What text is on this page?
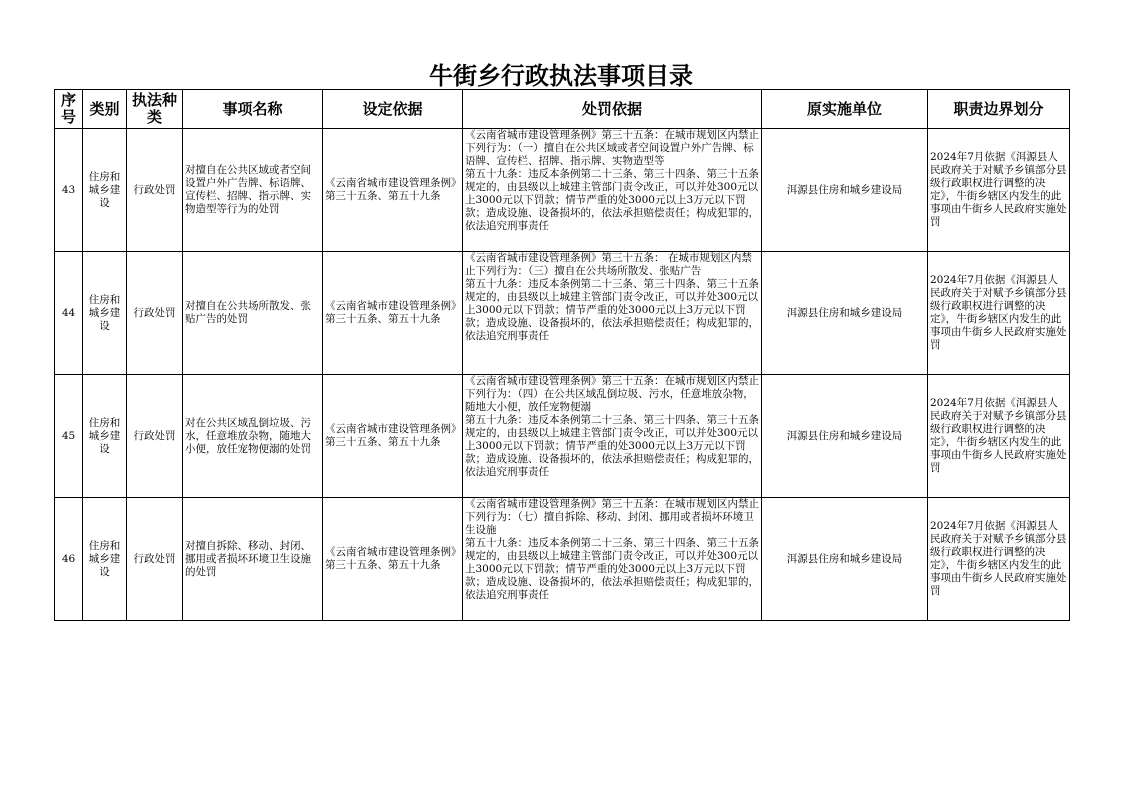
牛街乡行政执法事项目录
序号	类别	执法种类	事项名称	设定依据	处罚依据	原实施单位	职责边界划分
43	住房和城乡建设	行政处罚	对擅自在公共区域或者空间设置户外广告牌、标语牌、宣传栏、招牌、指示牌、实物造型等行为的处罚	《云南省城市建设管理条例》第三十五条、第五十九条	《云南省城市建设管理条例》第三十五条：在城市规划区内禁止下列行为：（一）擅自在公共区域或者空间设置户外广告牌、标语牌、宣传栏、招牌、指示牌、实物造型等
第五十九条：违反本条例第二十三条、第三十四条、第三十五条规定的，由县级以上城建主管部门责令改正，可以并处300元以上3000元以下罚款；情节严重的处3000元以上3万元以下罚款；造成设施、设备损坏的，依法承担赔偿责任；构成犯罪的，依法追究刑事责任	洱源县住房和城乡建设局	2024年7月依据《洱源县人民政府关于对赋予乡镇部分县级行政职权进行调整的决定》，牛街乡辖区内发生的此事项由牛街乡人民政府实施处罚
44	住房和城乡建设	行政处罚	对擅自在公共场所散发、张贴广告的处罚	《云南省城市建设管理条例》第三十五条、第五十九条	《云南省城市建设管理条例》第三十五条： 在城市规划区内禁止下列行为：（三）擅自在公共场所散发、张贴广告
第五十九条：违反本条例第二十三条、第三十四条、第三十五条规定的，由县级以上城建主管部门责令改正，可以并处300元以上3000元以下罚款；情节严重的处3000元以上3万元以下罚款；造成设施、设备损坏的，依法承担赔偿责任；构成犯罪的，依法追究刑事责任	洱源县住房和城乡建设局	2024年7月依据《洱源县人民政府关于对赋予乡镇部分县级行政职权进行调整的决定》，牛街乡辖区内发生的此事项由牛街乡人民政府实施处罚
45	住房和城乡建设	行政处罚	对在公共区域乱倒垃圾、污水，任意堆放杂物，随地大小便，放任宠物便溺的处罚	《云南省城市建设管理条例》第三十五条、第五十九条	《云南省城市建设管理条例》第三十五条：在城市规划区内禁止下列行为：（四）在公共区域乱倒垃圾、污水，任意堆放杂物，随地大小便，放任宠物便溺
第五十九条：违反本条例第二十三条、第三十四条、第三十五条规定的，由县级以上城建主管部门责令改正，可以并处300元以上3000元以下罚款；情节严重的处3000元以上3万元以下罚款；造成设施、设备损坏的，依法承担赔偿责任；构成犯罪的，依法追究刑事责任	洱源县住房和城乡建设局	2024年7月依据《洱源县人民政府关于对赋予乡镇部分县级行政职权进行调整的决定》，牛街乡辖区内发生的此事项由牛街乡人民政府实施处罚
46	住房和城乡建设	行政处罚	对擅自拆除、移动、封闭、挪用或者损坏环境卫生设施的处罚	《云南省城市建设管理条例》第三十五条、第五十九条	《云南省城市建设管理条例》第三十五条：在城市规划区内禁止下列行为：（七）擅自拆除、移动、封闭、挪用或者损坏环境卫生设施
第五十九条：违反本条例第二十三条、第三十四条、第三十五条规定的，由县级以上城建主管部门责令改正，可以并处300元以上3000元以下罚款；情节严重的处3000元以上3万元以下罚款；造成设施、设备损坏的，依法承担赔偿责任；构成犯罪的，依法追究刑事责任	洱源县住房和城乡建设局	2024年7月依据《洱源县人民政府关于对赋予乡镇部分县级行政职权进行调整的决定》，牛街乡辖区内发生的此事项由牛街乡人民政府实施处罚
